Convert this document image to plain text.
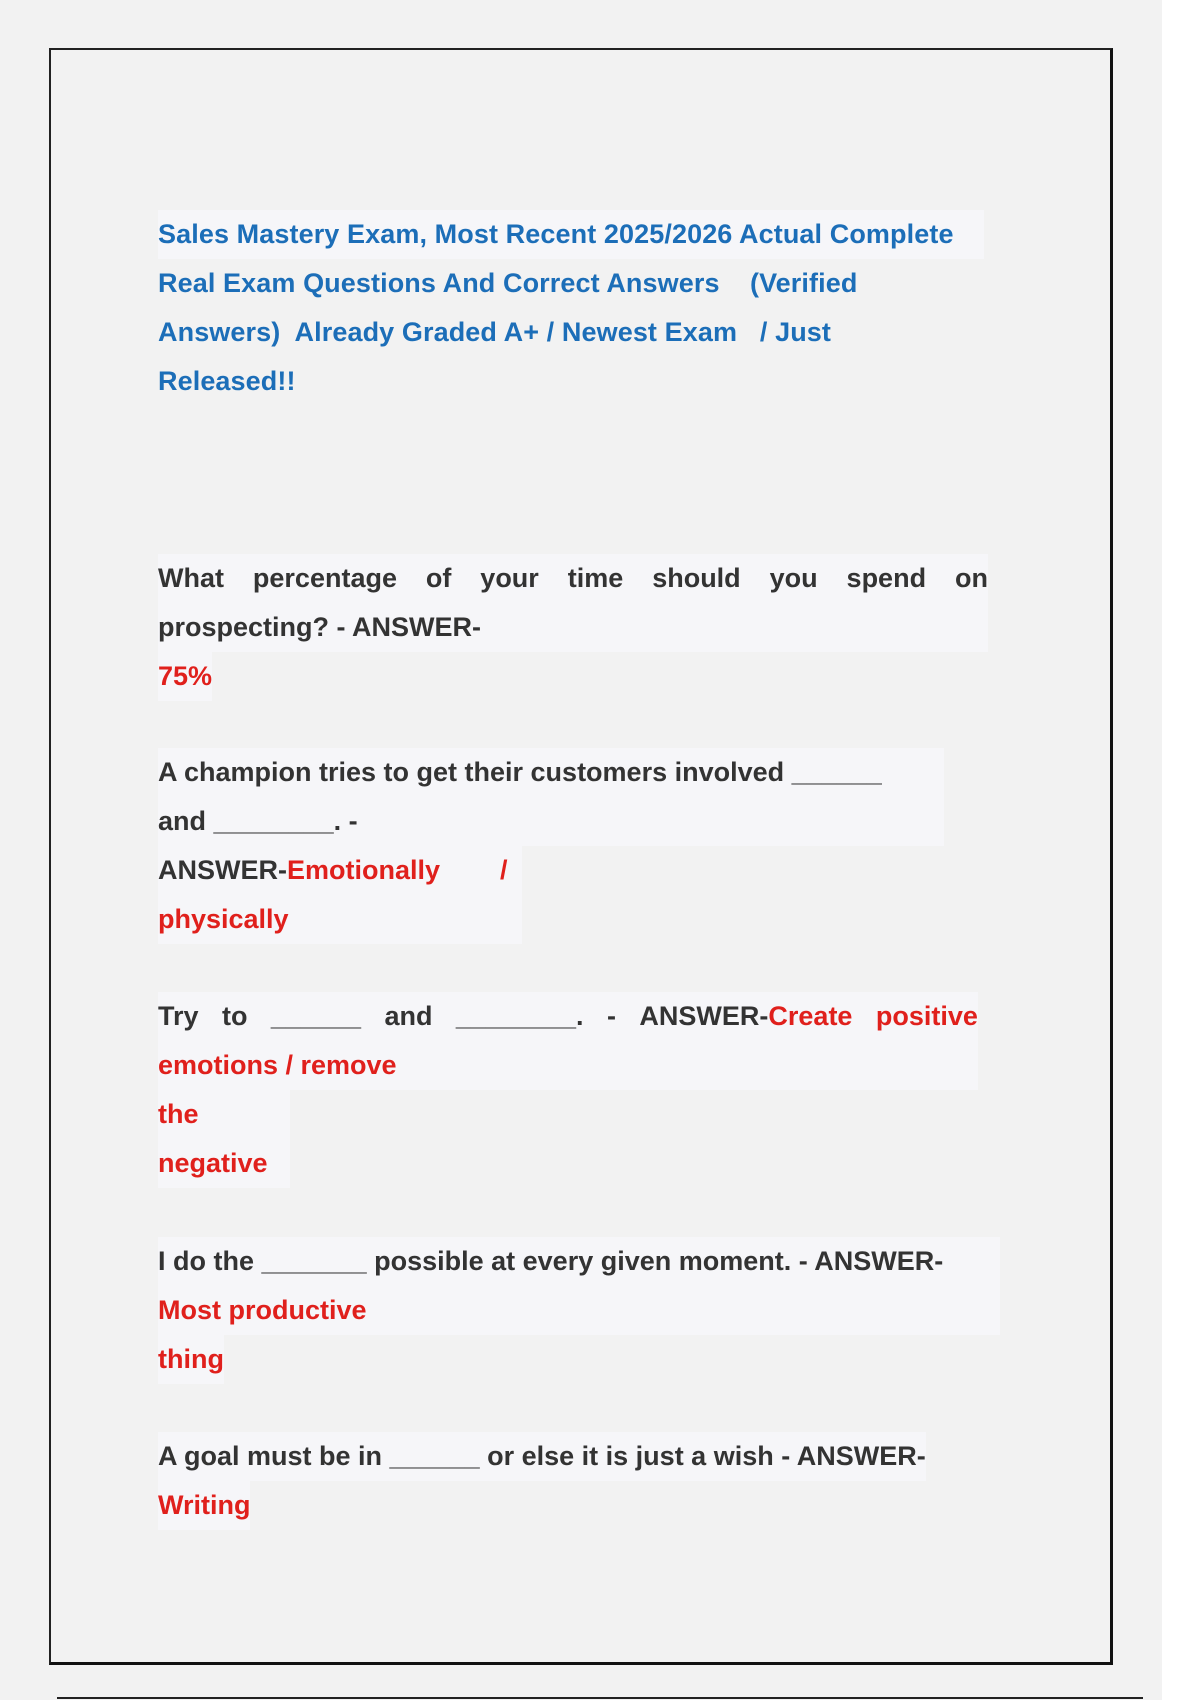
Sales Mastery Exam, Most Recent 2025/2026 Actual Complete
Real Exam Questions And Correct Answers    (Verified
Answers)  Already Graded A+ / Newest Exam   / Just
Released!!
What percentage of your time should you spend on
prospecting? - ANSWER-
75%
A champion tries to get their customers involved ______
and ________. -
ANSWER-Emotionally /
physically
Try to ______ and ________. - ANSWER-Create positive
emotions / remove
the
negative
I do the _______ possible at every given moment. - ANSWER-
Most productive
thing
A goal must be in ______ or else it is just a wish - ANSWER-
Writing
